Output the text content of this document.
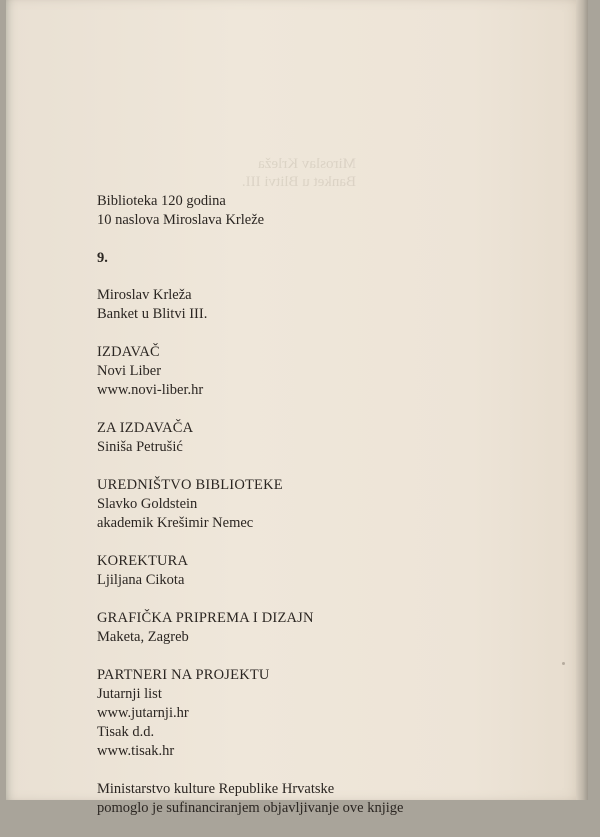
Miroslav Krleža
Banket u Blitvi III.
Biblioteka 120 godina
10 naslova Miroslava Krleže
9.
Miroslav Krleža
Banket u Blitvi III.
IZDAVAČ
Novi Liber
www.novi-liber.hr
ZA IZDAVAČA
Siniša Petrušić
UREDNIŠTVO BIBLIOTEKE
Slavko Goldstein
akademik Krešimir Nemec
KOREKTURA
Ljiljana Cikota
GRAFIČKA PRIPREMA I DIZAJN
Maketa, Zagreb
PARTNERI NA PROJEKTU
Jutarnji list
www.jutarnji.hr
Tisak d.d.
www.tisak.hr
Ministarstvo kulture Republike Hrvatske
pomoglo je sufinanciranjem objavljivanje ove knjige
